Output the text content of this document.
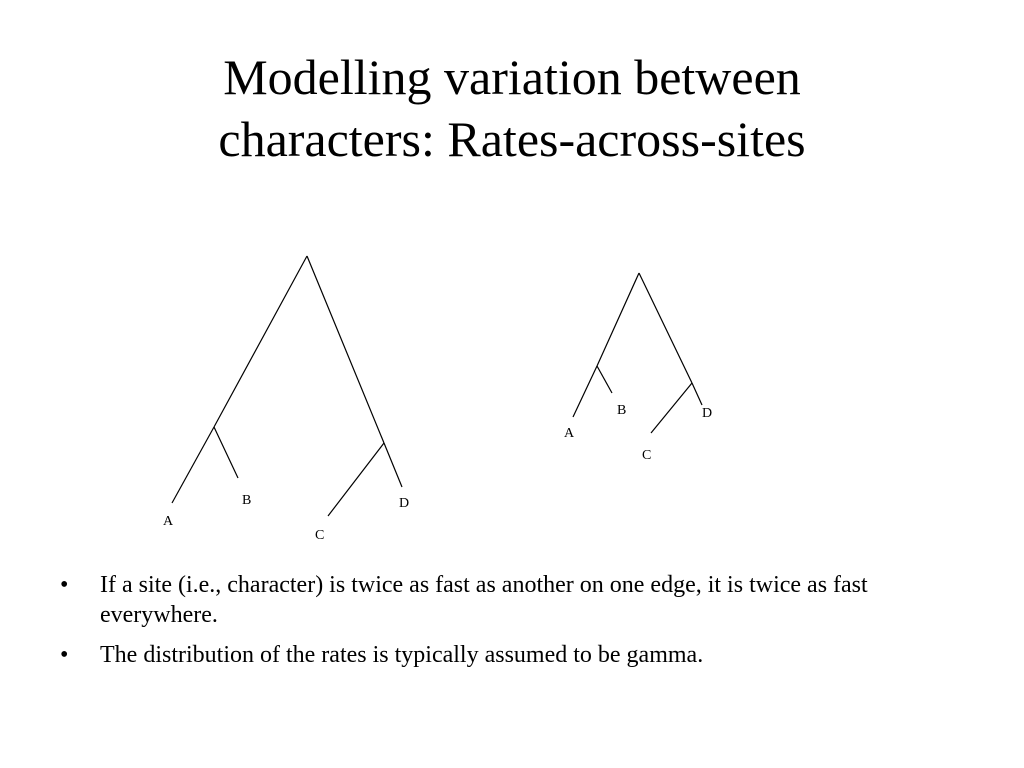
Modelling variation between
characters: Rates-across-sites
A
B
C
D
A
B
C
D
• If a site (i.e., character) is twice as fast as another on one edge, it is twice as fast everywhere.
• The distribution of the rates is typically assumed to be gamma.
